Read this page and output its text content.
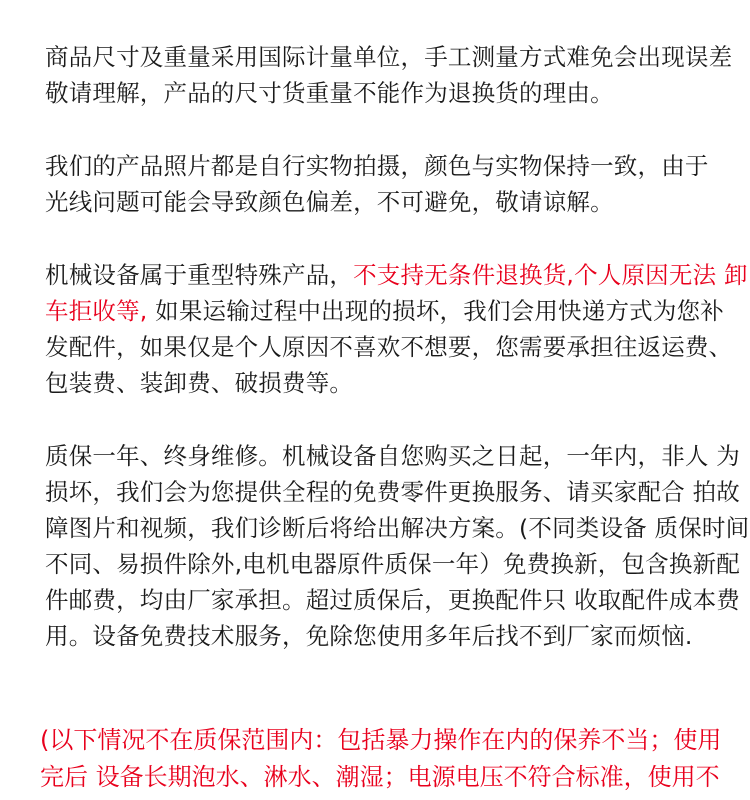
商品尺寸及重量采用国际计量单位，手工测量方式难免会出现误差
敬请理解，产品的尺寸货重量不能作为退换货的理由。
我们的产品照片都是自行实物拍摄，颜色与实物保持一致，由于
光线问题可能会导致颜色偏差，不可避免，敬请谅解。
机械设备属于重型特殊产品，不支持无条件退换货,个人原因无法 卸
车拒收等, 如果运输过程中出现的损坏，我们会用快递方式为您补
发配件，如果仅是个人原因不喜欢不想要，您需要承担往返运费、
包装费、装卸费、破损费等。
质保一年、终身维修。机械设备自您购买之日起，一年内，非人 为
损坏，我们会为您提供全程的免费零件更换服务、请买家配合 拍故
障图片和视频，我们诊断后将给出解决方案。(不同类设备 质保时间
不同、易损件除外,电机电器原件质保一年）免费换新，包含换新配
件邮费，均由厂家承担。超过质保后，更换配件只 收取配件成本费
用。设备免费技术服务，免除您使用多年后找不到厂家而烦恼.
(以下情况不在质保范围内：包括暴力操作在内的保养不当；使用
完后 设备长期泡水、淋水、潮湿；电源电压不符合标准，使用不
